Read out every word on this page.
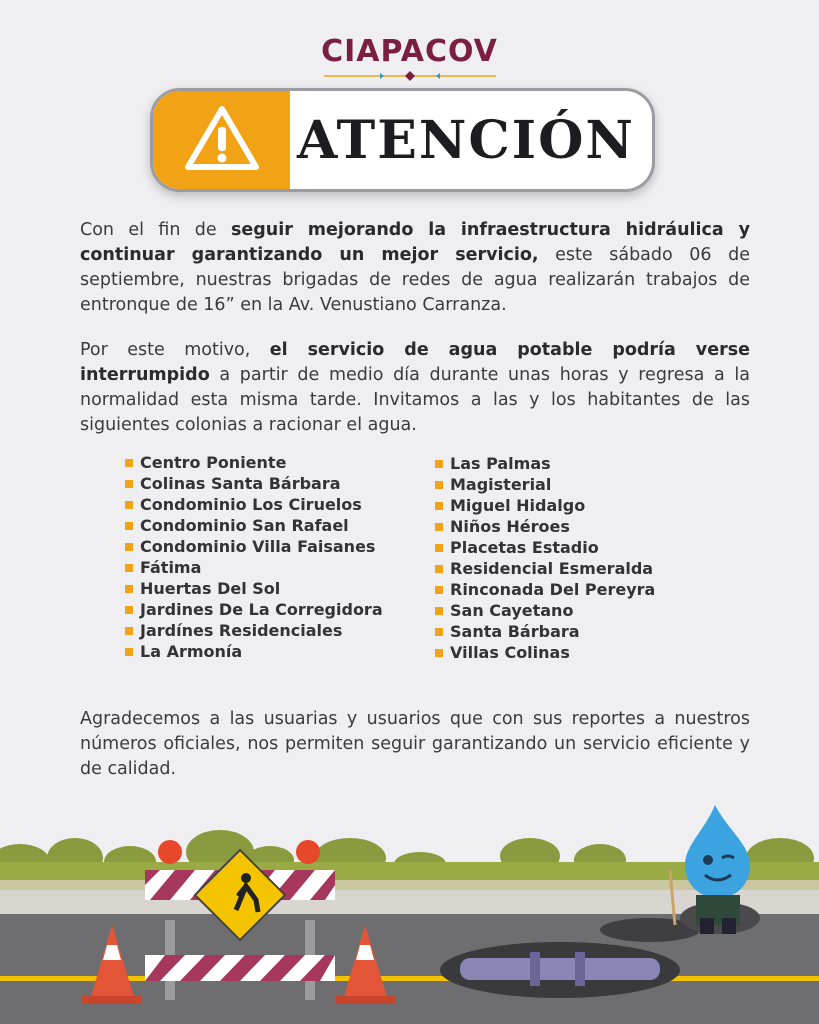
CIAPACOV
ATENCIÓN
Con el fin de seguir mejorando la infraestructura hidráulica y continuar garantizando un mejor servicio, este sábado 06 de septiembre, nuestras brigadas de redes de agua realizarán trabajos de entronque de 16” en la Av. Venustiano Carranza.
Por este motivo, el servicio de agua potable podría verse interrumpido a partir de medio día durante unas horas y regresa a la normalidad esta misma tarde. Invitamos a las y los habitantes de las siguientes colonias a racionar el agua.
Centro Poniente
Colinas Santa Bárbara
Condominio Los Ciruelos
Condominio San Rafael
Condominio Villa Faisanes
Fátima
Huertas Del Sol
Jardines De La Corregidora
Jardínes Residenciales
La Armonía
Las Palmas
Magisterial
Miguel Hidalgo
Niños Héroes
Placetas Estadio
Residencial Esmeralda
Rinconada Del Pereyra
San Cayetano
Santa Bárbara
Villas Colinas
Agradecemos a las usuarias y usuarios que con sus reportes a nuestros números oficiales, nos permiten seguir garantizando un servicio eficiente y de calidad.
